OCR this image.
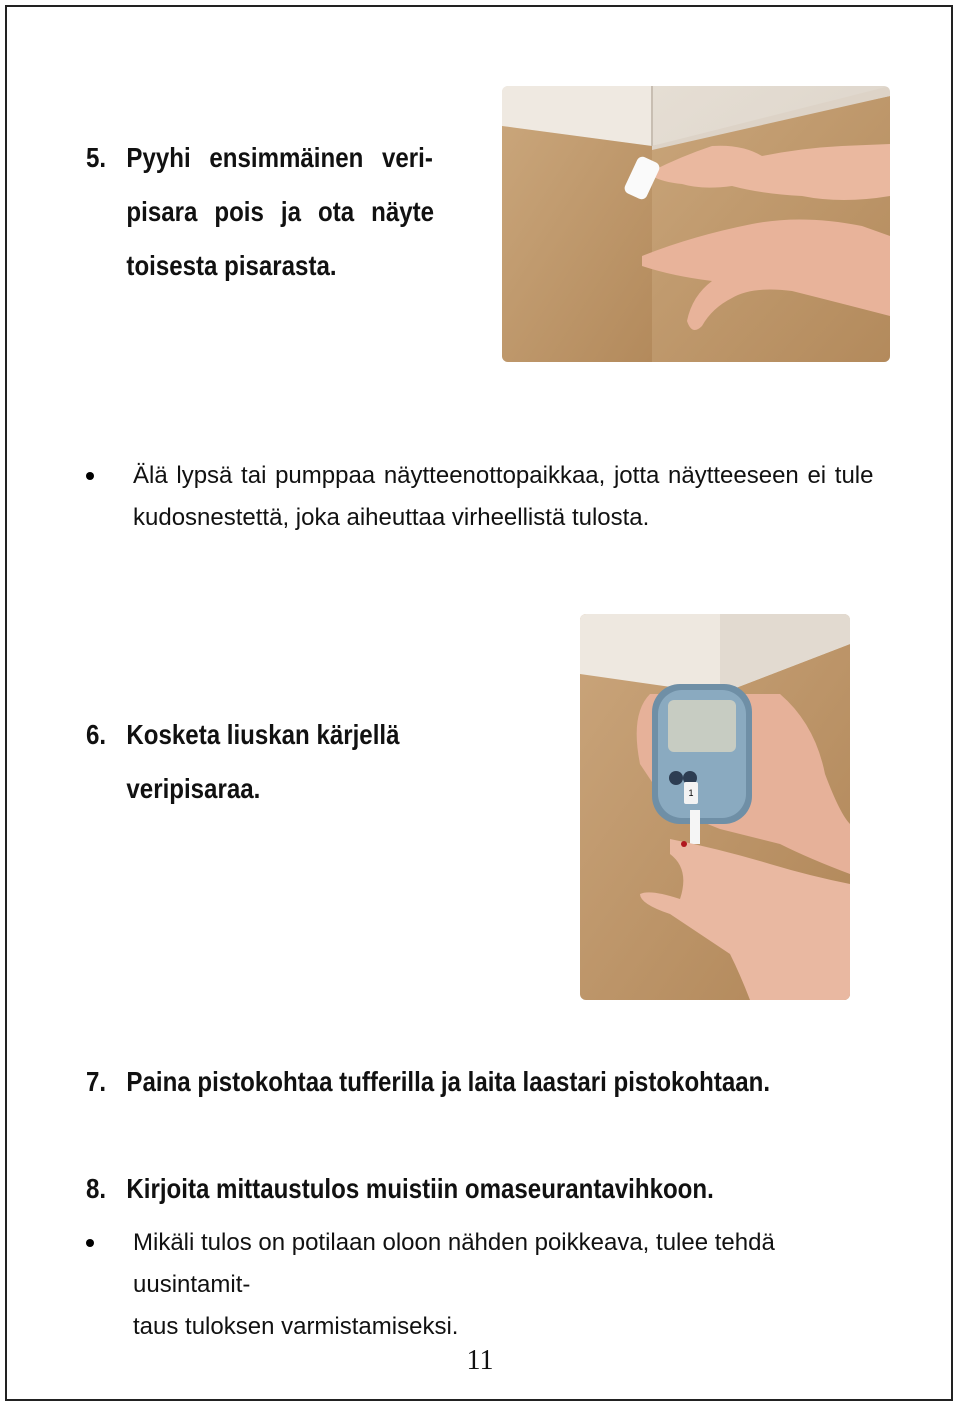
5. Pyyhi ensimmäinen veri-
pisara pois ja ota näyte
toisesta pisarasta.
Älä lypsä tai pumppaa näytteenottopaikkaa, jotta näytteeseen ei tule
kudosnestettä, joka aiheuttaa virheellistä tulosta.
6. Kosketa liuskan kärjellä
veripisaraa.	1
7. Paina pistokohtaa tufferilla ja laita laastari pistokohtaan.
8. Kirjoita mittaustulos muistiin omaseurantavihkoon.
Mikäli tulos on potilaan oloon nähden poikkeava, tulee tehdä uusintamit-
taus tuloksen varmistamiseksi.
11
